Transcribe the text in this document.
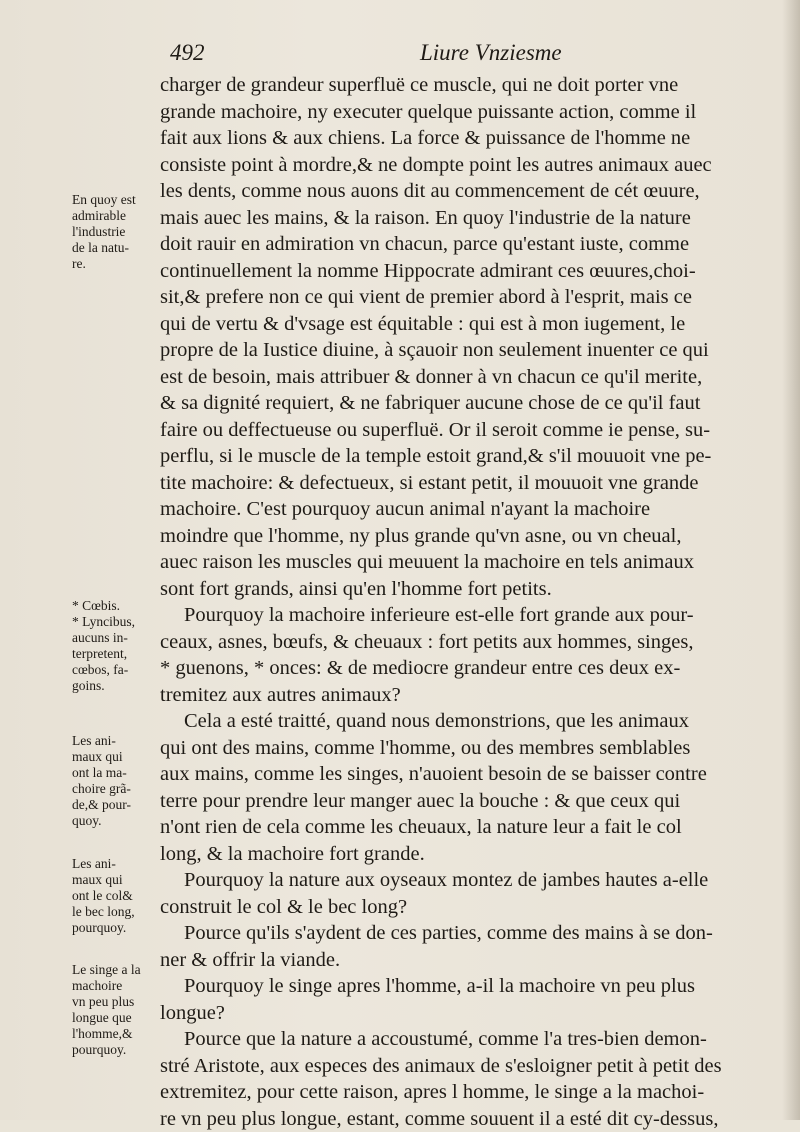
492	Liure Vnziesme
charger de grandeur superfluë ce muscle, qui ne doit porter vne
grande machoire, ny executer quelque puissante action, comme il
fait aux lions & aux chiens. La force & puissance de l'homme ne
consiste point à mordre,& ne dompte point les autres animaux auec
les dents, comme nous auons dit au commencement de cét œuure,
mais auec les mains, & la raison. En quoy l'industrie de la nature
doit rauir en admiration vn chacun, parce qu'estant iuste, comme
continuellement la nomme Hippocrate admirant ces œuures,choi-
sit,& prefere non ce qui vient de premier abord à l'esprit, mais ce
qui de vertu & d'vsage est équitable : qui est à mon iugement, le
propre de la Iustice diuine, à sçauoir non seulement inuenter ce qui
est de besoin, mais attribuer & donner à vn chacun ce qu'il merite,
& sa dignité requiert, & ne fabriquer aucune chose de ce qu'il faut
faire ou deffectueuse ou superfluë. Or il seroit comme ie pense, su-
perflu, si le muscle de la temple estoit grand,& s'il mouuoit vne pe-
tite machoire: & defectueux, si estant petit, il mouuoit vne grande
machoire. C'est pourquoy aucun animal n'ayant la machoire
moindre que l'homme, ny plus grande qu'vn asne, ou vn cheual,
auec raison les muscles qui meuuent la machoire en tels animaux
sont fort grands, ainsi qu'en l'homme fort petits.
Pourquoy la machoire inferieure est-elle fort grande aux pour-
ceaux, asnes, bœufs, & cheuaux : fort petits aux hommes, singes,
* guenons, * onces: & de mediocre grandeur entre ces deux ex-
tremitez aux autres animaux?
Cela a esté traitté, quand nous demonstrions, que les animaux
qui ont des mains, comme l'homme, ou des membres semblables
aux mains, comme les singes, n'auoient besoin de se baisser contre
terre pour prendre leur manger auec la bouche : & que ceux qui
n'ont rien de cela comme les cheuaux, la nature leur a fait le col
long, & la machoire fort grande.
Pourquoy la nature aux oyseaux montez de jambes hautes a-elle
construit le col & le bec long?
Pource qu'ils s'aydent de ces parties, comme des mains à se don-
ner & offrir la viande.
Pourquoy le singe apres l'homme, a-il la machoire vn peu plus
longue?
Pource que la nature a accoustumé, comme l'a tres-bien demon-
stré Aristote, aux especes des animaux de s'esloigner petit à petit des
extremitez, pour cette raison, apres l homme, le singe a la machoi-
re vn peu plus longue, estant, comme souuent il a esté dit cy-dessus,
En quoy est
admirable
l'industrie
de la natu-
re.
* Cœbis.
* Lyncibus,
aucuns in-
terpretent,
cœbos, fa-
goins.
Les ani-
maux qui
ont la ma-
choire grã-
de,& pour-
quoy.
Les ani-
maux qui
ont le col&
le bec long,
pourquoy.
Le singe a la
machoire
vn peu plus
longue que
l'homme,&
pourquoy.
